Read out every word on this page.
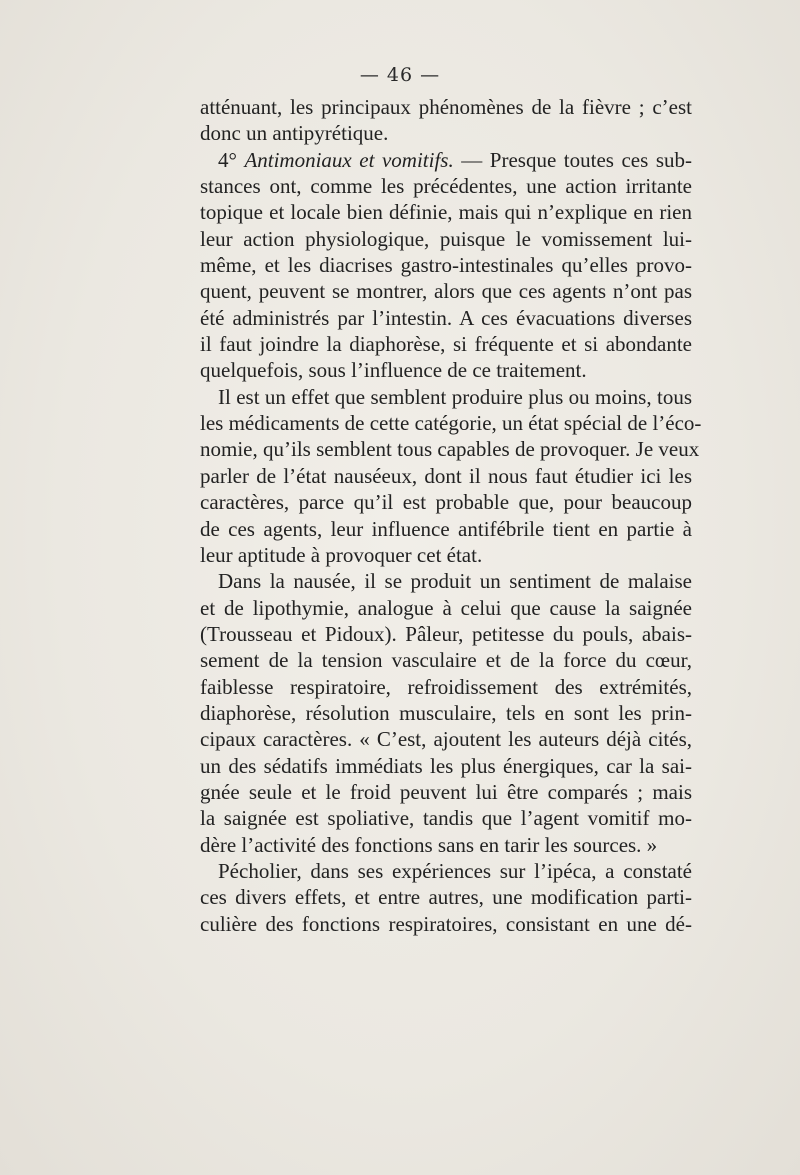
— 46 —
atténuant, les principaux phénomènes de la fièvre ; c’est
donc un antipyrétique.
4° Antimoniaux et vomitifs. — Presque toutes ces sub-
stances ont, comme les précédentes, une action irritante
topique et locale bien définie, mais qui n’explique en rien
leur action physiologique, puisque le vomissement lui-
même, et les diacrises gastro-intestinales qu’elles provo-
quent, peuvent se montrer, alors que ces agents n’ont pas
été administrés par l’intestin. A ces évacuations diverses
il faut joindre la diaphorèse, si fréquente et si abondante
quelquefois, sous l’influence de ce traitement.
Il est un effet que semblent produire plus ou moins, tous
les médicaments de cette catégorie, un état spécial de l’éco-
nomie, qu’ils semblent tous capables de provoquer. Je veux
parler de l’état nauséeux, dont il nous faut étudier ici les
caractères, parce qu’il est probable que, pour beaucoup
de ces agents, leur influence antifébrile tient en partie à
leur aptitude à provoquer cet état.
Dans la nausée, il se produit un sentiment de malaise
et de lipothymie, analogue à celui que cause la saignée
(Trousseau et Pidoux). Pâleur, petitesse du pouls, abais-
sement de la tension vasculaire et de la force du cœur,
faiblesse respiratoire, refroidissement des extrémités,
diaphorèse, résolution musculaire, tels en sont les prin-
cipaux caractères. « C’est, ajoutent les auteurs déjà cités,
un des sédatifs immédiats les plus énergiques, car la sai-
gnée seule et le froid peuvent lui être comparés ; mais
la saignée est spoliative, tandis que l’agent vomitif mo-
dère l’activité des fonctions sans en tarir les sources. »
Pécholier, dans ses expériences sur l’ipéca, a constaté
ces divers effets, et entre autres, une modification parti-
culière des fonctions respiratoires, consistant en une dé-
